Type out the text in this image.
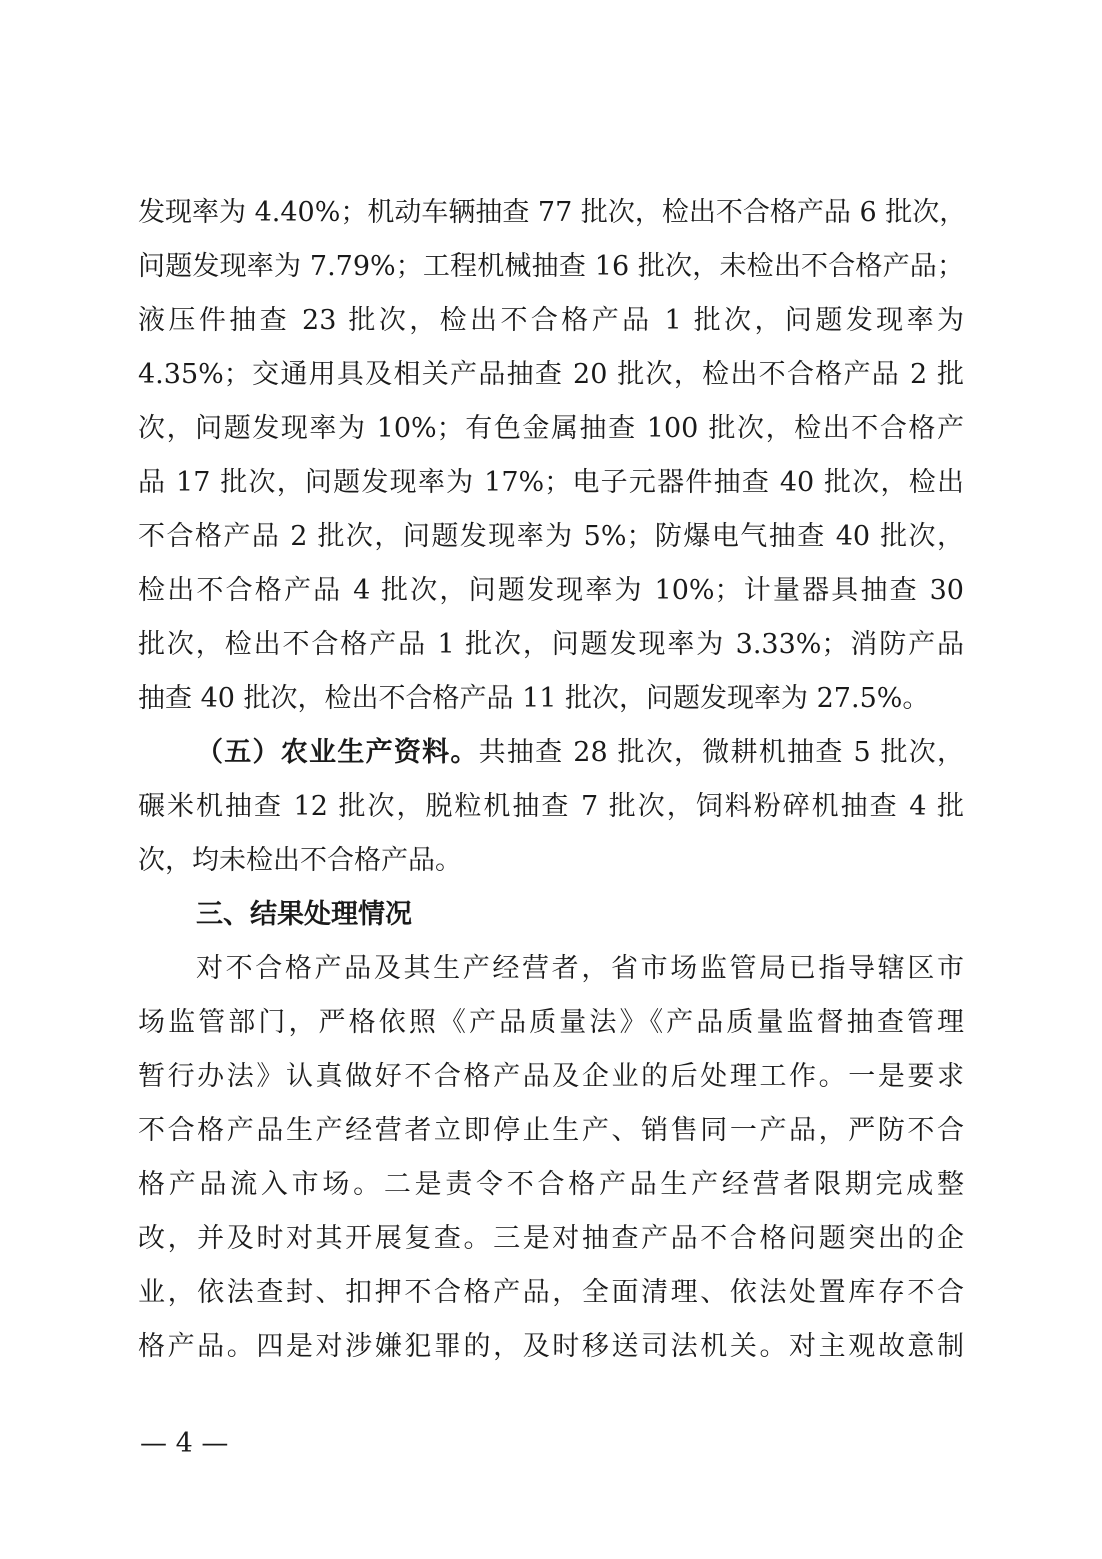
发现率为 4.40%；机动车辆抽查 77 批次，检出不合格产品 6 批次，
问题发现率为 7.79%；工程机械抽查 16 批次，未检出不合格产品；
液压件抽查 23 批次，检出不合格产品 1 批次，问题发现率为
4.35%；交通用具及相关产品抽查 20 批次，检出不合格产品 2 批
次，问题发现率为 10%；有色金属抽查 100 批次，检出不合格产
品 17 批次，问题发现率为 17%；电子元器件抽查 40 批次，检出
不合格产品 2 批次，问题发现率为 5%；防爆电气抽查 40 批次，
检出不合格产品 4 批次，问题发现率为 10%；计量器具抽查 30
批次，检出不合格产品 1 批次，问题发现率为 3.33%；消防产品
抽查 40 批次，检出不合格产品 11 批次，问题发现率为 27.5%。
（五）农业生产资料。共抽查 28 批次，微耕机抽查 5 批次，
碾米机抽查 12 批次，脱粒机抽查 7 批次，饲料粉碎机抽查 4 批
次，均未检出不合格产品。
三、结果处理情况
对不合格产品及其生产经营者，省市场监管局已指导辖区市
场监管部门，严格依照《产品质量法》《产品质量监督抽查管理
暂行办法》认真做好不合格产品及企业的后处理工作。一是要求
不合格产品生产经营者立即停止生产、销售同一产品，严防不合
格产品流入市场。二是责令不合格产品生产经营者限期完成整
改，并及时对其开展复查。三是对抽查产品不合格问题突出的企
业，依法查封、扣押不合格产品，全面清理、依法处置库存不合
格产品。四是对涉嫌犯罪的，及时移送司法机关。对主观故意制
— 4 —
